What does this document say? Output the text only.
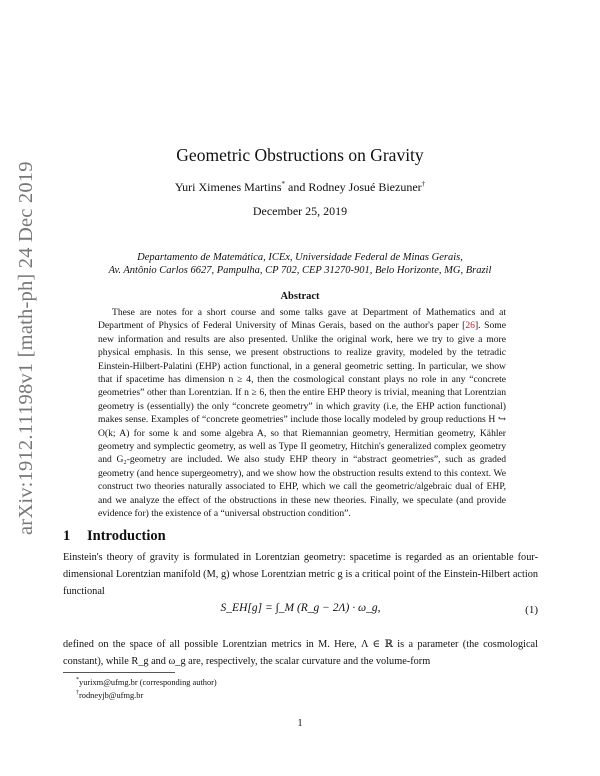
arXiv:1912.11198v1 [math-ph] 24 Dec 2019
Geometric Obstructions on Gravity
Yuri Ximenes Martins* and Rodney Josué Biezuner†
December 25, 2019
Departamento de Matemática, ICEx, Universidade Federal de Minas Gerais,
Av. Antônio Carlos 6627, Pampulha, CP 702, CEP 31270-901, Belo Horizonte, MG, Brazil
Abstract

These are notes for a short course and some talks gave at Department of Mathematics and at Department of Physics of Federal University of Minas Gerais, based on the author's paper [26]. Some new information and results are also presented. Unlike the original work, here we try to give a more physical emphasis. In this sense, we present obstructions to realize gravity, modeled by the tetradic Einstein-Hilbert-Palatini (EHP) action functional, in a general geometric setting. In particular, we show that if spacetime has dimension n ≥ 4, then the cosmological constant plays no role in any “concrete geometries” other than Lorentzian. If n ≥ 6, then the entire EHP theory is trivial, meaning that Lorentzian geometry is (essentially) the only “concrete geometry” in which gravity (i.e, the EHP action functional) makes sense. Examples of “concrete geometries” include those locally modeled by group reductions H ↪ O(k; A) for some k and some algebra A, so that Riemannian geometry, Hermitian geometry, Kähler geometry and symplectic geometry, as well as Type II geometry, Hitchin's generalized complex geometry and G₂-geometry are included. We also study EHP theory in “abstract geometries”, such as graded geometry (and hence supergeometry), and we show how the obstruction results extend to this context. We construct two theories naturally associated to EHP, which we call the geometric/algebraic dual of EHP, and we analyze the effect of the obstructions in these new theories. Finally, we speculate (and provide evidence for) the existence of a “universal obstruction condition”.

1 Introduction

Einstein's theory of gravity is formulated in Lorentzian geometry: spacetime is regarded as an orientable four-dimensional Lorentzian manifold (M, g) whose Lorentzian metric g is a critical point of the Einstein-Hilbert action functional

S_EH[g] = ∫_M (R_g − 2Λ) · ω_g,	(1)

defined on the space of all possible Lorentzian metrics in M. Here, Λ ∈ ℝ is a parameter (the cosmological constant), while R_g and ω_g are, respectively, the scalar curvature and the volume-form

*yurixm@ufmg.br (corresponding author)
†rodneyjb@ufmg.br
1
